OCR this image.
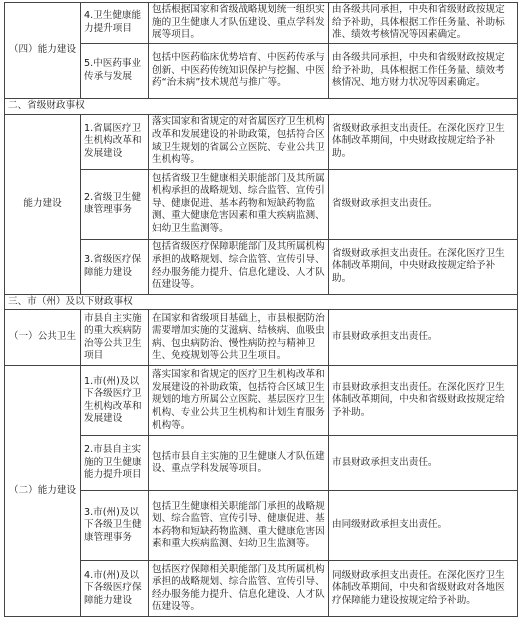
（四）能力建设	4.卫生健康能力提升项目	包括根据国家和省级战略规划统一组织实施的卫生健康人才队伍建设、重点学科发展等项目。	由各级共同承担，中央和省级财政按规定给予补助，具体根据工作任务量、补助标准、绩效考核情况等因素确定。
	5.中医药事业传承与发展	包括中医药临床优势培育、中医药传承与创新、中医药传统知识保护与挖掘、中医药“治未病”技术规范与推广等。	由各级共同承担，中央和省级财政按规定给予补助，具体根据工作任务量、绩效考核情况、地方财力状况等因素确定。
二、省级财政事权			
能力建设	1.省属医疗卫生机构改革和发展建设	落实国家和省规定的对省属医疗卫生机构改革和发展建设的补助政策，包括符合区域卫生规划的省属公立医院、专业公共卫生机构等。	省级财政承担支出责任。在深化医疗卫生体制改革期间，中央财政按规定给予补助。
	2.省级卫生健康管理事务	包括省级卫生健康相关职能部门及其所属机构承担的战略规划、综合监管、宣传引导、健康促进、基本药物和短缺药物监测、重大健康危害因素和重大疾病监测、妇幼卫生监测等。	省级财政承担支出责任。
	3.省级医疗保障能力建设	包括省级医疗保障职能部门及其所属机构承担的战略规划、综合监管、宣传引导、经办服务能力提升、信息化建设、人才队伍建设等。	省级财政承担支出责任。在深化医疗卫生体制改革期间，中央财政按规定给予补助。
三、市（州）及以下财政事权			
（一）公共卫生	市县自主实施的重大疾病防治等公共卫生项目	在国家和省级项目基础上，市县根据防治需要增加实施的艾滋病、结核病、血吸虫病、包虫病防治、慢性病防控与精神卫生、免疫规划等公共卫生项目。	市县财政承担支出责任。
（二）能力建设	1.市(州)及以下各级医疗卫生机构改革和发展建设	落实国家和省规定的医疗卫生机构改革和发展建设的补助政策，包括符合区域卫生规划的地方所属公立医院、基层医疗卫生机构、专业公共卫生机构和计划生育服务机构等。	市县财政承担支出责任。在深化医疗卫生体制改革期间，中央和省级财政按规定给予补助。
	2.市县自主实施的卫生健康能力提升项目	包括市县自主实施的卫生健康人才队伍建设、重点学科发展等项目。	市县财政承担支出责任。
	3.市(州)及以下各级卫生健康管理事务	包括卫生健康相关职能部门承担的战略规划、综合监管、宣传引导、健康促进、基本药物和短缺药物监测、重大健康危害因素和重大疾病监测、妇幼卫生监测等。	由同级财政承担支出责任。
	4.市(州)及以下各级医疗保障能力建设	包括医疗保障相关职能部门及其所属机构承担的战略规划、综合监管、宣传引导、经办服务能力提升、信息化建设、人才队伍建设等。	同级财政承担支出责任。在深化医疗卫生体制改革期间，中央和省级财政对各地医疗保障能力建设按规定给予补助。
